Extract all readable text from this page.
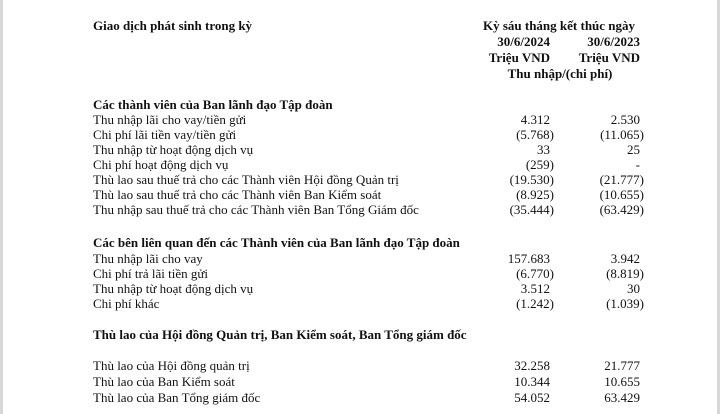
Giao dịch phát sinh trong kỳ	Kỳ sáu tháng kết thúc ngày
30/6/2024	30/6/2023
Triệu VND	Triệu VND
Thu nhập/(chi phí)
Các thành viên của Ban lãnh đạo Tập đoàn
Thu nhập lãi cho vay/tiền gửi	4.312	2.530
Chi phí lãi tiền vay/tiền gửi	(5.768)	(11.065)
Thu nhập từ hoạt động dịch vụ	33	25
Chi phí hoạt động dịch vụ	(259)	-
Thù lao sau thuế trả cho các Thành viên Hội đồng Quản trị	(19.530)	(21.777)
Thù lao sau thuế trả cho các Thành viên Ban Kiểm soát	(8.925)	(10.655)
Thu nhập sau thuế trả cho các Thành viên Ban Tổng Giám đốc	(35.444)	(63.429)
Các bên liên quan đến các Thành viên của Ban lãnh đạo Tập đoàn
Thu nhập lãi cho vay	157.683	3.942
Chi phí trả lãi tiền gửi	(6.770)	(8.819)
Thu nhập từ hoạt động dịch vụ	3.512	30
Chi phí khác	(1.242)	(1.039)
Thù lao của Hội đồng Quản trị, Ban Kiểm soát, Ban Tổng giám đốc
Thù lao của Hội đồng quản trị	32.258	21.777
Thù lao của Ban Kiểm soát	10.344	10.655
Thù lao của Ban Tổng giám đốc	54.052	63.429
